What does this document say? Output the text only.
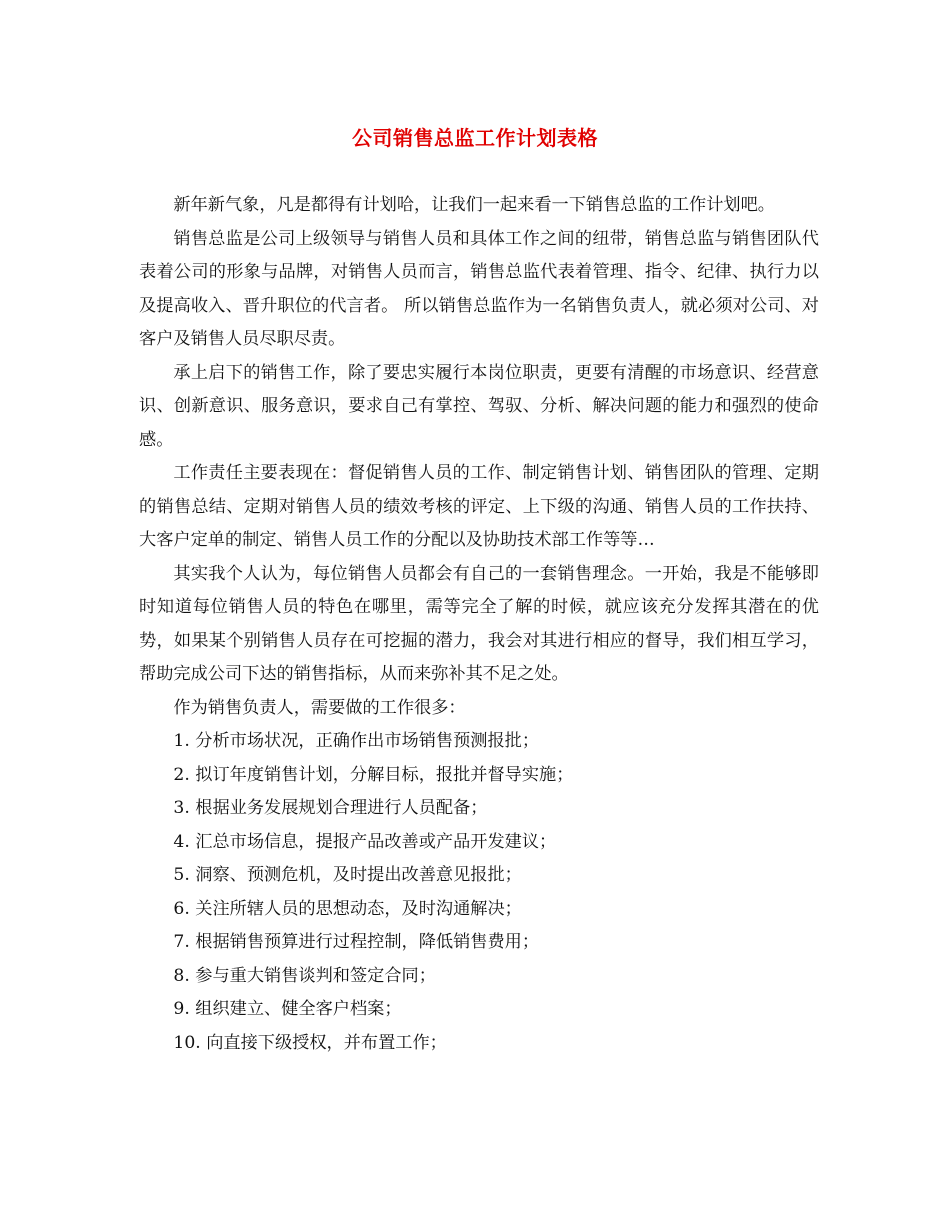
公司销售总监工作计划表格

新年新气象，凡是都得有计划哈，让我们一起来看一下销售总监的工作计划吧。

销售总监是公司上级领导与销售人员和具体工作之间的纽带，销售总监与销售团队代表着公司的形象与品牌，对销售人员而言，销售总监代表着管理、指令、纪律、执行力以及提高收入、晋升职位的代言者。 所以销售总监作为一名销售负责人，就必须对公司、对客户及销售人员尽职尽责。

承上启下的销售工作，除了要忠实履行本岗位职责，更要有清醒的市场意识、经营意识、创新意识、服务意识，要求自己有掌控、驾驭、分析、解决问题的能力和强烈的使命感。

工作责任主要表现在：督促销售人员的工作、制定销售计划、销售团队的管理、定期的销售总结、定期对销售人员的绩效考核的评定、上下级的沟通、销售人员的工作扶持、大客户定单的制定、销售人员工作的分配以及协助技术部工作等等…

其实我个人认为，每位销售人员都会有自己的一套销售理念。一开始，我是不能够即时知道每位销售人员的特色在哪里，需等完全了解的时候，就应该充分发挥其潜在的优势，如果某个别销售人员存在可挖掘的潜力，我会对其进行相应的督导，我们相互学习，帮助完成公司下达的销售指标，从而来弥补其不足之处。

作为销售负责人，需要做的工作很多：

1. 分析市场状况，正确作出市场销售预测报批；

2. 拟订年度销售计划，分解目标，报批并督导实施；

3. 根据业务发展规划合理进行人员配备；

4. 汇总市场信息，提报产品改善或产品开发建议；

5. 洞察、预测危机，及时提出改善意见报批；

6. 关注所辖人员的思想动态，及时沟通解决；

7. 根据销售预算进行过程控制，降低销售费用；

8. 参与重大销售谈判和签定合同；

9. 组织建立、健全客户档案；

10. 向直接下级授权，并布置工作；
